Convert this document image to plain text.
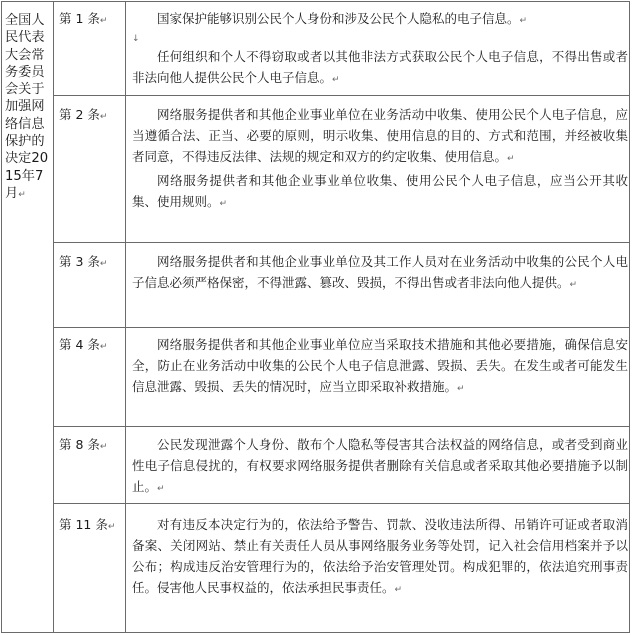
全国人民代表大会常务委员会关于加强网络信息保护的决定2015年7月↵
第 1 条↵	国家保护能够识别公民个人身份和涉及公民个人隐私的电子信息。↵

↓

任何组织和个人不得窃取或者以其他非法方式获取公民个人电子信息，不得出售或者非法向他人提供公民个人电子信息。↵

第 2 条↵	网络服务提供者和其他企业事业单位在业务活动中收集、使用公民个人电子信息，应当遵循合法、正当、必要的原则，明示收集、使用信息的目的、方式和范围，并经被收集者同意，不得违反法律、法规的规定和双方的约定收集、使用信息。↵

网络服务提供者和其他企业事业单位收集、使用公民个人电子信息，应当公开其收集、使用规则。↵

第 3 条↵	网络服务提供者和其他企业事业单位及其工作人员对在业务活动中收集的公民个人电子信息必须严格保密，不得泄露、篡改、毁损，不得出售或者非法向他人提供。↵

第 4 条↵	网络服务提供者和其他企业事业单位应当采取技术措施和其他必要措施，确保信息安全，防止在业务活动中收集的公民个人电子信息泄露、毁损、丢失。在发生或者可能发生信息泄露、毁损、丢失的情况时，应当立即采取补救措施。↵

第 8 条↵	公民发现泄露个人身份、散布个人隐私等侵害其合法权益的网络信息，或者受到商业性电子信息侵扰的，有权要求网络服务提供者删除有关信息或者采取其他必要措施予以制止。↵

第 11 条↵	对有违反本决定行为的，依法给予警告、罚款、没收违法所得、吊销许可证或者取消备案、关闭网站、禁止有关责任人员从事网络服务业务等处罚，记入社会信用档案并予以公布；构成违反治安管理行为的，依法给予治安管理处罚。构成犯罪的，依法追究刑事责任。侵害他人民事权益的，依法承担民事责任。↵
